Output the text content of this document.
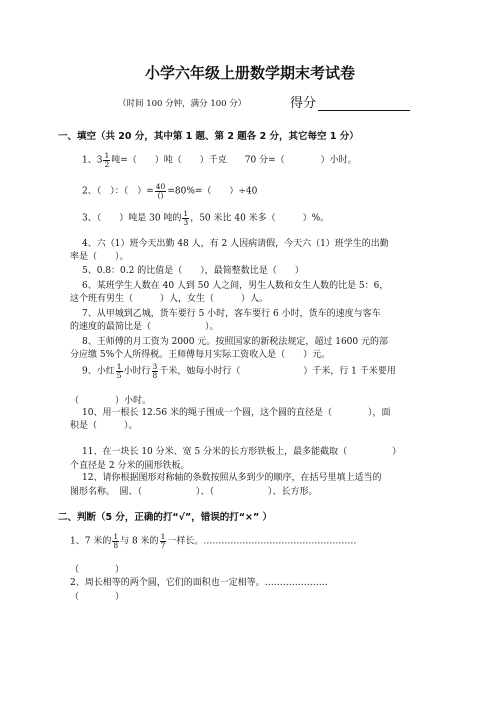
小学六年级上册数学期末考试卷
（时间 100 分钟，满分 100 分）	得分
一、填空（共 20 分，其中第 1 题、第 2 题各 2 分，其它每空 1 分）
1、$3 \frac{1}{2}$ 吨=（　　）吨（　　）千克　　70 分=（　　　　）小时。
2、（　）：（　）= $\frac{40}{()} =80\%=$（　　）÷40
3、（　　）吨是 30 吨的 $\frac{1}{3}$ ，50 米比 40 米多（　　　）%。
4、六（1）班今天出勤 48 人，有 2 人因病请假，今天六（1）班学生的出勤
率是（　　）。
5、0.8：0.2 的比值是（　　），最简整数比是（　　）
6、某班学生人数在 40 人到 50 人之间，男生人数和女生人数的比是 5：6，
这个班有男生（　　　）人，女生（　　　）人。
7、从甲城到乙城，货车要行 5 小时，客车要行 6 小时，货车的速度与客车
的速度的最简比是（　　　　　　）。
8、王师傅的月工资为 2000 元。按照国家的新税法规定，超过 1600 元的部
分应缴 5%个人所得税。王师傅每月实际工资收入是（　　）元。
9、小红 $\frac{1}{5}$ 小时行 $\frac{3}{8}$ 千米，她每小时行（　　　　　　　）千米，行 1 千米要用
（　　　　）小时。
10、用一根长 12.56 米的绳子围成一个圆，这个圆的直径是（　　　　），面
积是（　　　）。
11、在一块长 10 分米、宽 5 分米的长方形铁板上，最多能截取（　　　　　）
个直径是 2 分米的圆形铁板。
12、请你根据图形对称轴的条数按照从多到少的顺序，在括号里填上适当的
图形名称。　圆、（　　　　　　）、（　　　　　　）、长方形。
二、判断（5 分，正确的打“√”，错误的打“×” ）
1、7 米的 $\frac{1}{8}$ 与 8 米的 $\frac{1}{7}$ 一样长。……………………………………………
（　　　　）
2、周长相等的两个圆，它们的面积也一定相等。…………………
（　　　　）
